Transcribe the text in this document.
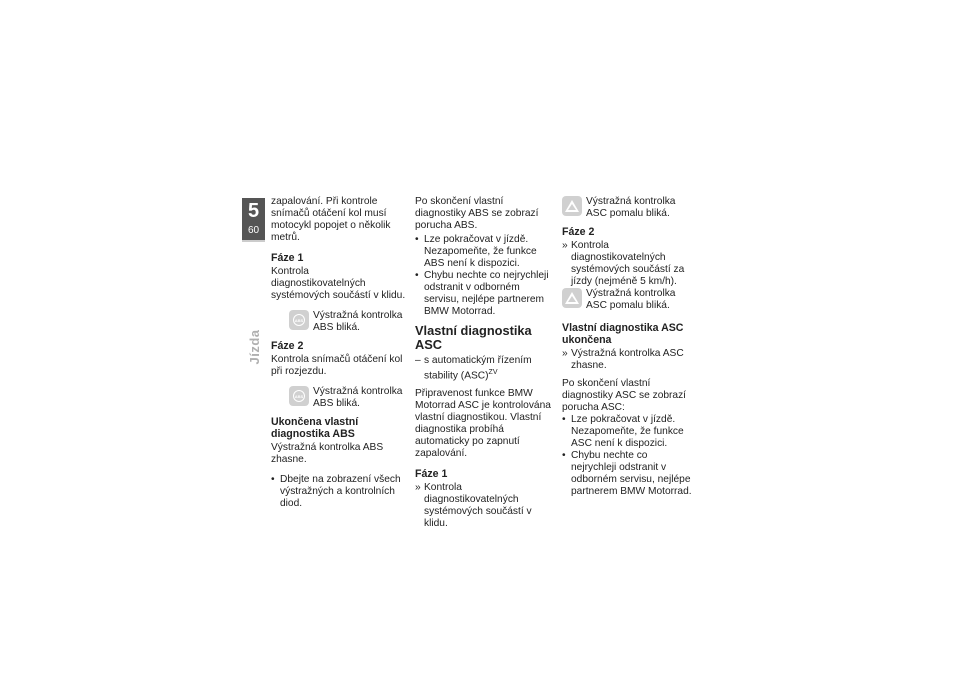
5
60
Jízda

zapalování. Při kontrole snímačů otáčení kol musí motocykl popojet o několik metrů.

Fáze 1

Kontrola diagnostikovatelných systémových součástí v klidu.

ABS Výstražná kontrolka ABS bliká.
Fáze 2

Kontrola snímačů otáčení kol při rozjezdu.

ABS Výstražná kontrolka ABS bliká.
Ukončena vlastní diagnostika ABS

Výstražná kontrolka ABS zhasne.

• Dbejte na zobrazení všech výstražných a kontrolních diod.

Po skončení vlastní diagnostiky ABS se zobrazí porucha ABS.

• Lze pokračovat v jízdě. Nezapomeňte, že funkce ABS není k dispozici.
• Chybu nechte co nejrychleji odstranit v odborném servisu, nejlépe partnerem BMW Motorrad.
Vlastní diagnostika ASC
– s automatickým řízením stability (ASC)$^{ZV}$

Připravenost funkce BMW Motorrad ASC je kontrolována vlastní diagnostikou. Vlastní diagnostika probíhá automaticky po zapnutí zapalování.

Fáze 1
» Kontrola diagnostikovatelných systémových součástí v klidu.
Výstražná kontrolka ASC pomalu bliká.
Fáze 2
» Kontrola diagnostikovatelných systémových součástí za jízdy (nejméně 5 km/h).
Výstražná kontrolka ASC pomalu bliká.
Vlastní diagnostika ASC ukončena
» Výstražná kontrolka ASC zhasne.

Po skončení vlastní diagnostiky ASC se zobrazí porucha ASC:

• Lze pokračovat v jízdě. Nezapomeňte, že funkce ASC není k dispozici.
• Chybu nechte co nejrychleji odstranit v odborném servisu, nejlépe partnerem BMW Motorrad.
